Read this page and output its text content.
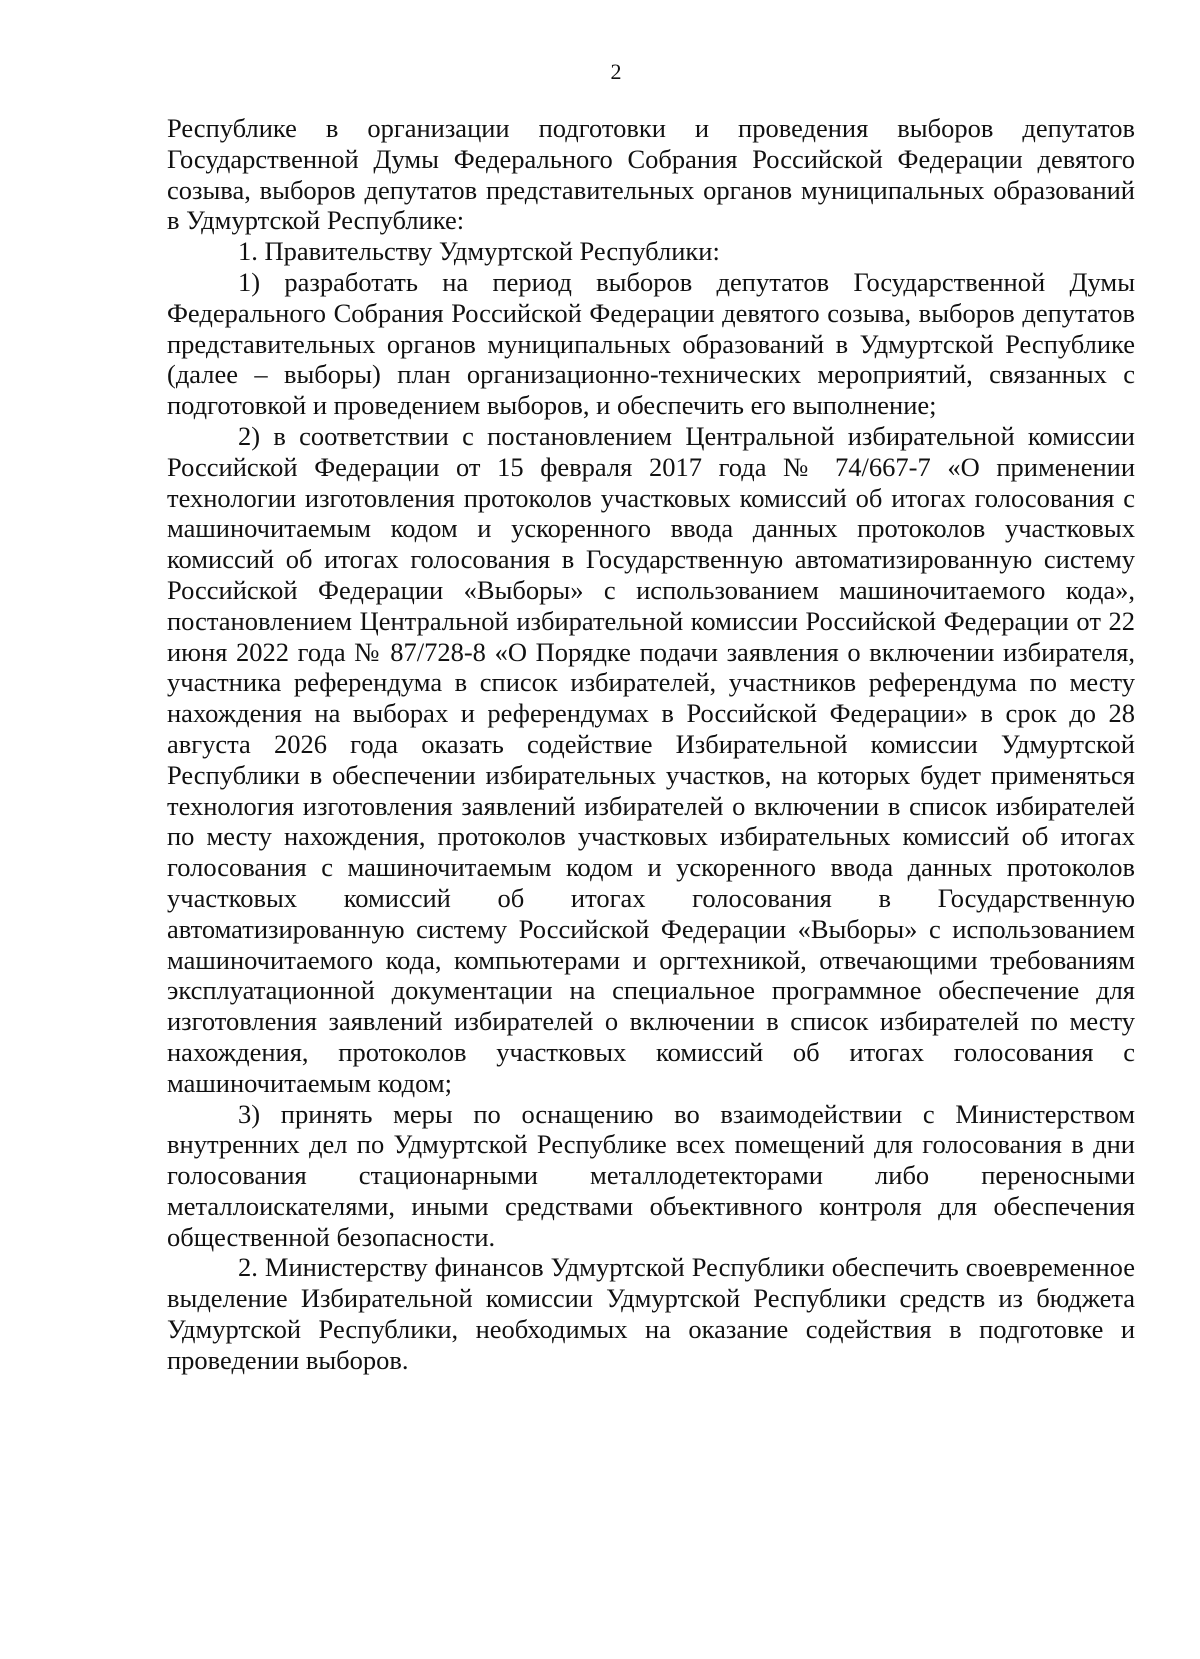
2

Республике в организации подготовки и проведения выборов депутатов Государственной Думы Федерального Собрания Российской Федерации девятого созыва, выборов депутатов представительных органов муниципальных образований в Удмуртской Республике:

1. Правительству Удмуртской Республики:

1) разработать на период выборов депутатов Государственной Думы Федерального Собрания Российской Федерации девятого созыва, выборов депутатов представительных органов муниципальных образований в Удмуртской Республике (далее – выборы) план организационно-технических мероприятий, связанных с подготовкой и проведением выборов, и обеспечить его выполнение;

2) в соответствии с постановлением Центральной избирательной комиссии Российской Федерации от 15 февраля 2017 года № 74/667-7 «О применении технологии изготовления протоколов участковых комиссий об итогах голосования с машиночитаемым кодом и ускоренного ввода данных протоколов участковых комиссий об итогах голосования в Государственную автоматизированную систему Российской Федерации «Выборы» с использованием машиночитаемого кода», постановлением Центральной избирательной комиссии Российской Федерации от 22 июня 2022 года № 87/728-8 «О Порядке подачи заявления о включении избирателя, участника референдума в список избирателей, участников референдума по месту нахождения на выборах и референдумах в Российской Федерации» в срок до 28 августа 2026 года оказать содействие Избирательной комиссии Удмуртской Республики в обеспечении избирательных участков, на которых будет применяться технология изготовления заявлений избирателей о включении в список избирателей по месту нахождения, протоколов участковых избирательных комиссий об итогах голосования с машиночитаемым кодом и ускоренного ввода данных протоколов участковых комиссий об итогах голосования в Государственную автоматизированную систему Российской Федерации «Выборы» с использованием машиночитаемого кода, компьютерами и оргтехникой, отвечающими требованиям эксплуатационной документации на специальное программное обеспечение для изготовления заявлений избирателей о включении в список избирателей по месту нахождения, протоколов участковых комиссий об итогах голосования с машиночитаемым кодом;

3) принять меры по оснащению во взаимодействии с Министерством внутренних дел по Удмуртской Республике всех помещений для голосования в дни голосования стационарными металлодетекторами либо переносными металлоискателями, иными средствами объективного контроля для обеспечения общественной безопасности.

2. Министерству финансов Удмуртской Республики обеспечить своевременное выделение Избирательной комиссии Удмуртской Республики средств из бюджета Удмуртской Республики, необходимых на оказание содействия в подготовке и проведении выборов.
